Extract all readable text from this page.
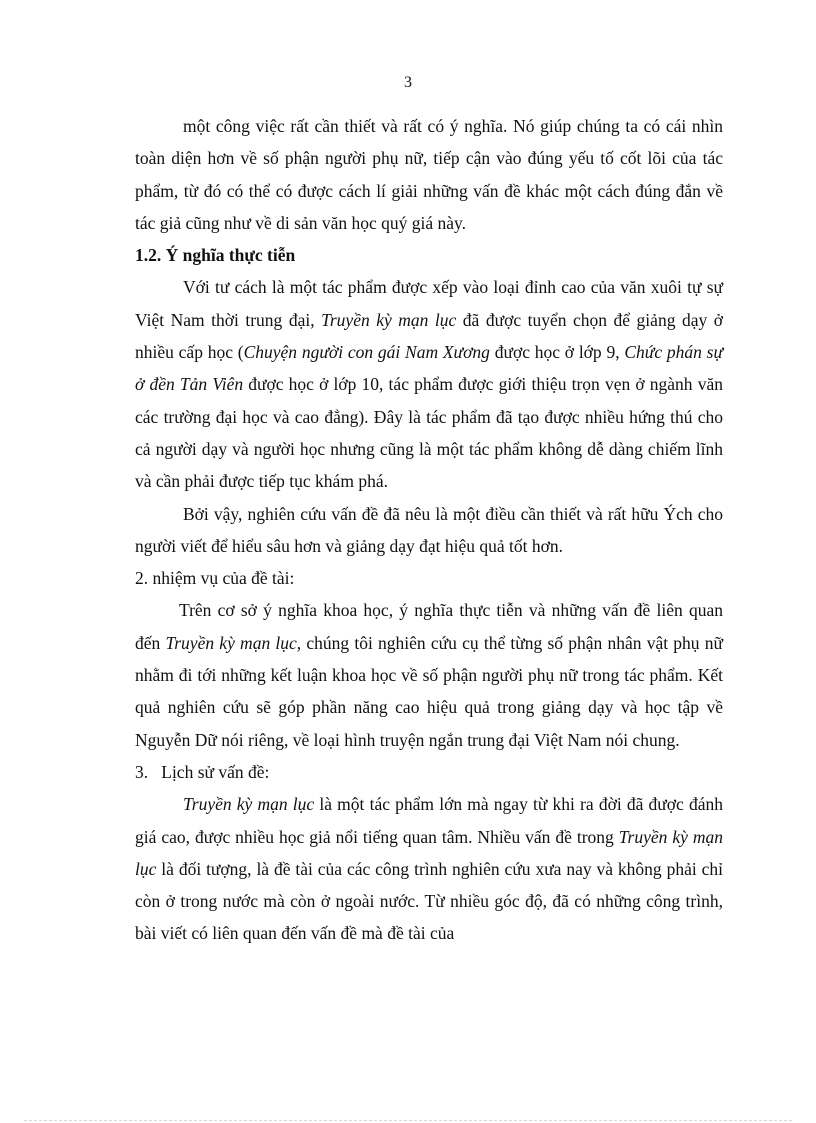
3

một công việc rất cần thiết và rất có ý nghĩa. Nó giúp chúng ta có cái nhìn toàn diện hơn về số phận người phụ nữ, tiếp cận vào đúng yếu tố cốt lõi của tác phẩm, từ đó có thể có được cách lí giải những vấn đề khác một cách đúng đắn về tác giả cũng như về di sản văn học quý giá này.

1.2. Ý nghĩa thực tiễn

Với tư cách là một tác phẩm được xếp vào loại đỉnh cao của văn xuôi tự sự Việt Nam thời trung đại, Truyền kỳ mạn lục đã được tuyển chọn để giảng dạy ở nhiều cấp học (Chuyện người con gái Nam Xương được học ở lớp 9, Chức phán sự ở đền Tản Viên được học ở lớp 10, tác phẩm được giới thiệu trọn vẹn ở ngành văn các trường đại học và cao đẳng). Đây là tác phẩm đã tạo được nhiều hứng thú cho cả người dạy và người học nhưng cũng là một tác phẩm không dễ dàng chiếm lĩnh và cần phải được tiếp tục khám phá.

Bởi vậy, nghiên cứu vấn đề đã nêu là một điều cần thiết và rất hữu Ých cho người viết để hiểu sâu hơn và giảng dạy đạt hiệu quả tốt hơn.

2. nhiệm vụ của đề tài:

Trên cơ sở ý nghĩa khoa học, ý nghĩa thực tiễn và những vấn đề liên quan đến Truyền kỳ mạn lục, chúng tôi nghiên cứu cụ thể từng số phận nhân vật phụ nữ nhằm đi tới những kết luận khoa học về số phận người phụ nữ trong tác phẩm. Kết quả nghiên cứu sẽ góp phần năng cao hiệu quả trong giảng dạy và học tập về Nguyễn Dữ nói riêng, về loại hình truyện ngắn trung đại Việt Nam nói chung.

3.   Lịch sử vấn đề:

Truyền kỳ mạn lục là một tác phẩm lớn mà ngay từ khi ra đời đã được đánh giá cao, được nhiều học giả nổi tiếng quan tâm. Nhiều vấn đề trong Truyền kỳ mạn lục là đối tượng, là đề tài của các công trình nghiên cứu xưa nay và không phải chỉ còn ở trong nước mà còn ở ngoài nước. Từ nhiều góc độ, đã có những công trình, bài viết có liên quan đến vấn đề mà đề tài của
